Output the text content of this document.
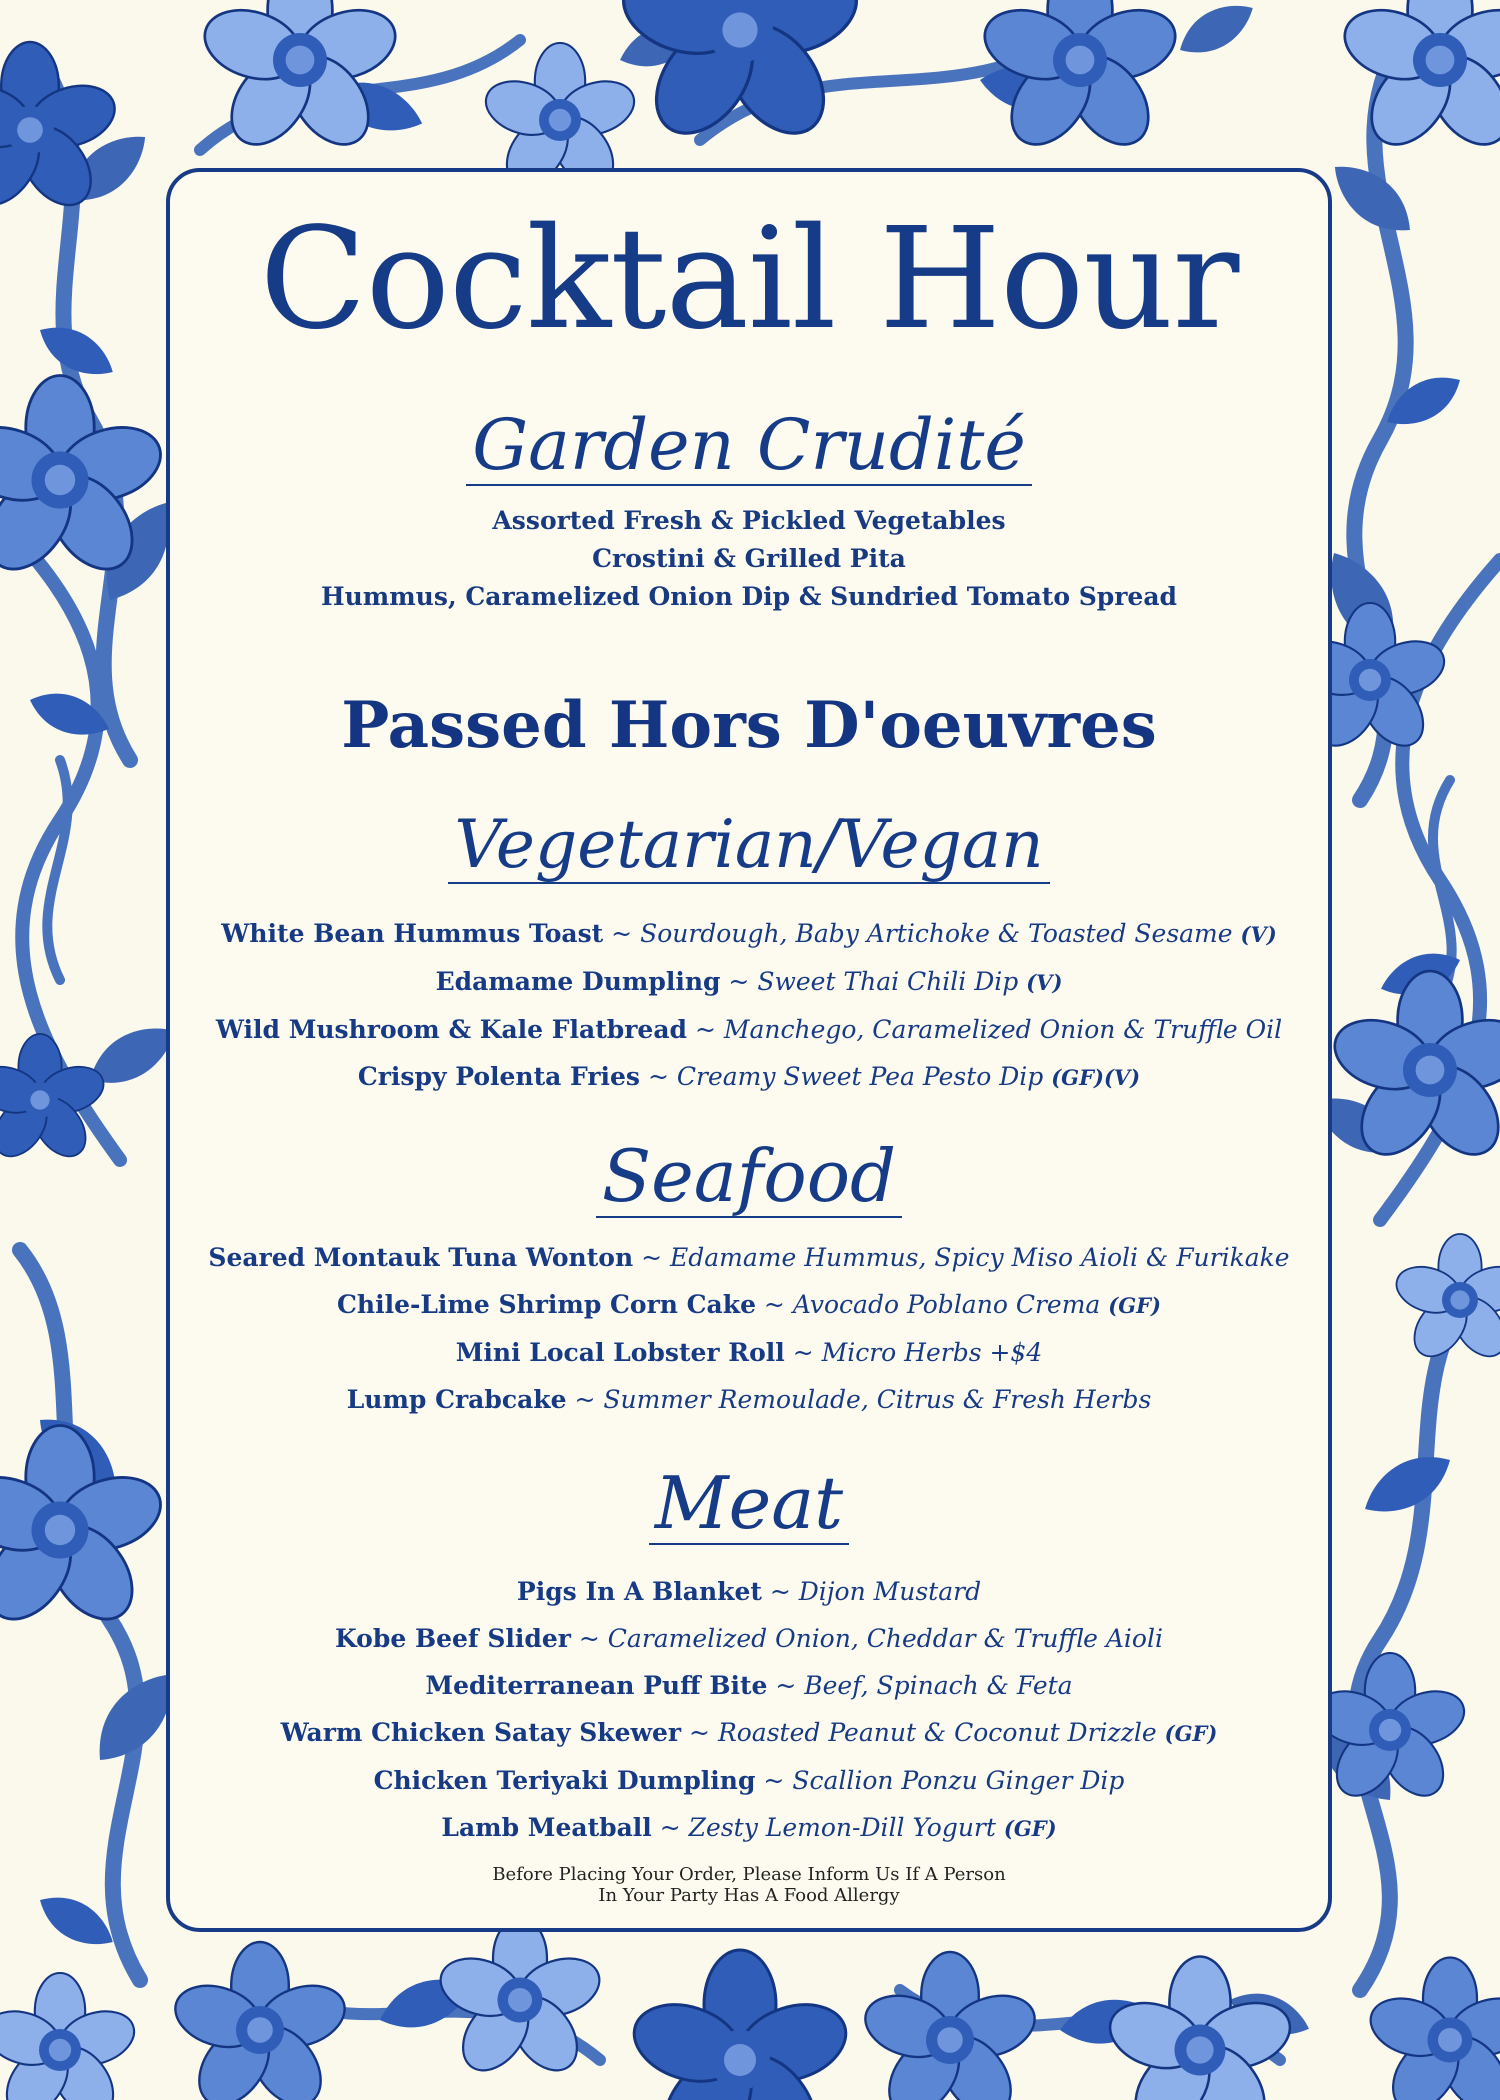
Cocktail Hour
Garden Crudité
Assorted Fresh & Pickled Vegetables
Crostini & Grilled Pita
Hummus, Caramelized Onion Dip & Sundried Tomato Spread
Passed Hors D'oeuvres
Vegetarian/Vegan
White Bean Hummus Toast ~ Sourdough, Baby Artichoke & Toasted Sesame (V)
Edamame Dumpling ~ Sweet Thai Chili Dip (V)
Wild Mushroom & Kale Flatbread ~ Manchego, Caramelized Onion & Truffle Oil
Crispy Polenta Fries ~ Creamy Sweet Pea Pesto Dip (GF)(V)
Seafood
Seared Montauk Tuna Wonton ~ Edamame Hummus, Spicy Miso Aioli & Furikake
Chile-Lime Shrimp Corn Cake ~ Avocado Poblano Crema (GF)
Mini Local Lobster Roll ~ Micro Herbs +$4
Lump Crabcake ~ Summer Remoulade, Citrus & Fresh Herbs
Meat
Pigs In A Blanket ~ Dijon Mustard
Kobe Beef Slider ~ Caramelized Onion, Cheddar & Truffle Aioli
Mediterranean Puff Bite ~ Beef, Spinach & Feta
Warm Chicken Satay Skewer ~ Roasted Peanut & Coconut Drizzle (GF)
Chicken Teriyaki Dumpling ~ Scallion Ponzu Ginger Dip
Lamb Meatball ~ Zesty Lemon-Dill Yogurt (GF)
Before Placing Your Order, Please Inform Us If A Person
In Your Party Has A Food Allergy
